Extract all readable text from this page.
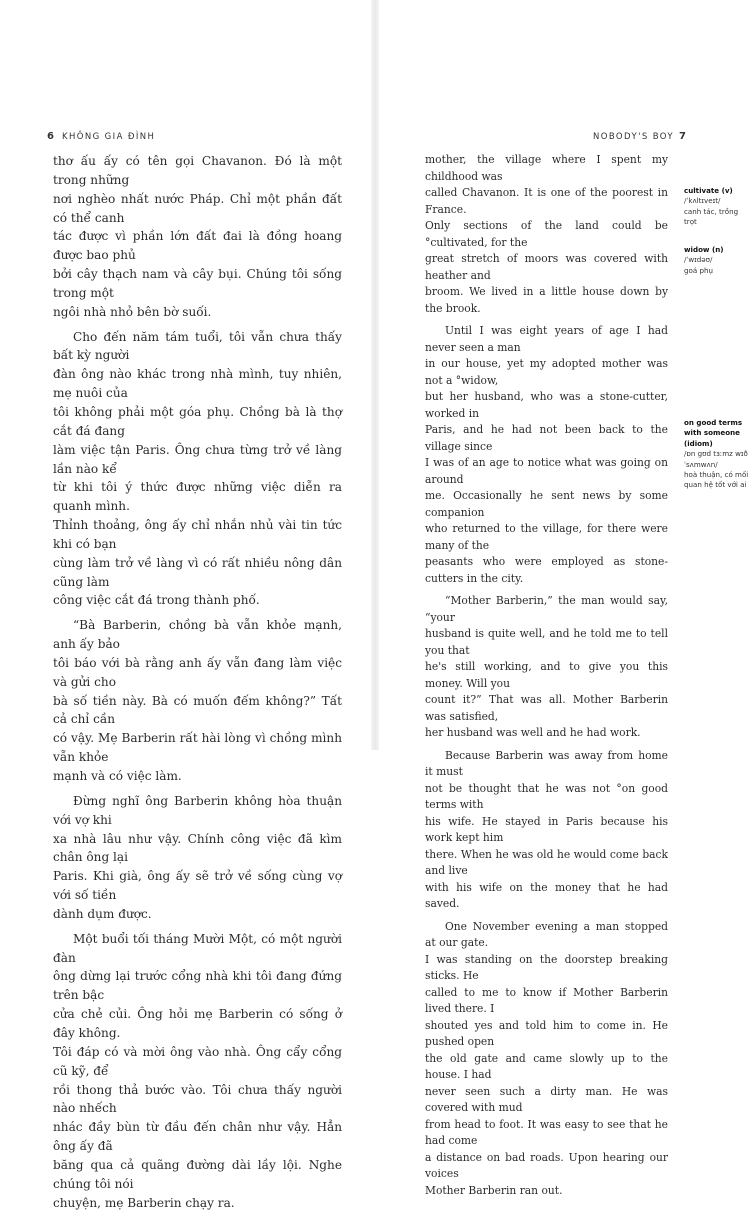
6 KHÔNG GIA ĐÌNH

thơ ấu ấy có tên gọi Chavanon. Đó là một trong những
nơi nghèo nhất nước Pháp. Chỉ một phần đất có thể canh
tác được vì phần lớn đất đai là đồng hoang được bao phủ
bởi cây thạch nam và cây bụi. Chúng tôi sống trong một
ngôi nhà nhỏ bên bờ suối.

Cho đến năm tám tuổi, tôi vẫn chưa thấy bất kỳ người
đàn ông nào khác trong nhà mình, tuy nhiên, mẹ nuôi của
tôi không phải một góa phụ. Chồng bà là thợ cắt đá đang
làm việc tận Paris. Ông chưa từng trở về làng lần nào kể
từ khi tôi ý thức được những việc diễn ra quanh mình.
Thỉnh thoảng, ông ấy chỉ nhắn nhủ vài tin tức khi có bạn
cùng làm trở về làng vì có rất nhiều nông dân cũng làm
công việc cắt đá trong thành phố.

“Bà Barberin, chồng bà vẫn khỏe mạnh, anh ấy bảo
tôi báo với bà rằng anh ấy vẫn đang làm việc và gửi cho
bà số tiền này. Bà có muốn đếm không?” Tất cả chỉ cần
có vậy. Mẹ Barberin rất hài lòng vì chồng mình vẫn khỏe
mạnh và có việc làm.

Đừng nghĩ ông Barberin không hòa thuận với vợ khi
xa nhà lâu như vậy. Chính công việc đã kìm chân ông lại
Paris. Khi già, ông ấy sẽ trở về sống cùng vợ với số tiền
dành dụm được.

Một buổi tối tháng Mười Một, có một người đàn
ông dừng lại trước cổng nhà khi tôi đang đứng trên bậc
cửa chẻ củi. Ông hỏi mẹ Barberin có sống ở đây không.
Tôi đáp có và mời ông vào nhà. Ông cẩy cổng cũ kỹ, để
rồi thong thả bước vào. Tôi chưa thấy người nào nhếch
nhác đầy bùn từ đầu đến chân như vậy. Hẳn ông ấy đã
băng qua cả quãng đường dài lầy lội. Nghe chúng tôi nói
chuyện, mẹ Barberin chạy ra.

NOBODY'S BOY 7

mother, the village where I spent my childhood was
called Chavanon. It is one of the poorest in France.
Only sections of the land could be °cultivated, for the
great stretch of moors was covered with heather and
broom. We lived in a little house down by the brook.

Until I was eight years of age I had never seen a man
in our house, yet my adopted mother was not a °widow,
but her husband, who was a stone-cutter, worked in
Paris, and he had not been back to the village since
I was of an age to notice what was going on around
me. Occasionally he sent news by some companion
who returned to the village, for there were many of the
peasants who were employed as stone-cutters in the city.

“Mother Barberin,” the man would say, “your
husband is quite well, and he told me to tell you that
he's still working, and to give you this money. Will you
count it?” That was all. Mother Barberin was satisfied,
her husband was well and he had work.

Because Barberin was away from home it must
not be thought that he was not °on good terms with
his wife. He stayed in Paris because his work kept him
there. When he was old he would come back and live
with his wife on the money that he had saved.

One November evening a man stopped at our gate.
I was standing on the doorstep breaking sticks. He
called to me to know if Mother Barberin lived there. I
shouted yes and told him to come in. He pushed open
the old gate and came slowly up to the house. I had
never seen such a dirty man. He was covered with mud
from head to foot. It was easy to see that he had come
a distance on bad roads. Upon hearing our voices
Mother Barberin ran out.

cultivate (v)
/ˈkʌltɪveɪt/
canh tác, trồng trọt
widow (n)
/ˈwɪdəʊ/
goá phụ
on good terms with someone (idiom)
/ɒn ɡʊd tɜːmz wɪð ˈsʌmwʌn/
hoà thuận, có mối quan hệ tốt với ai
